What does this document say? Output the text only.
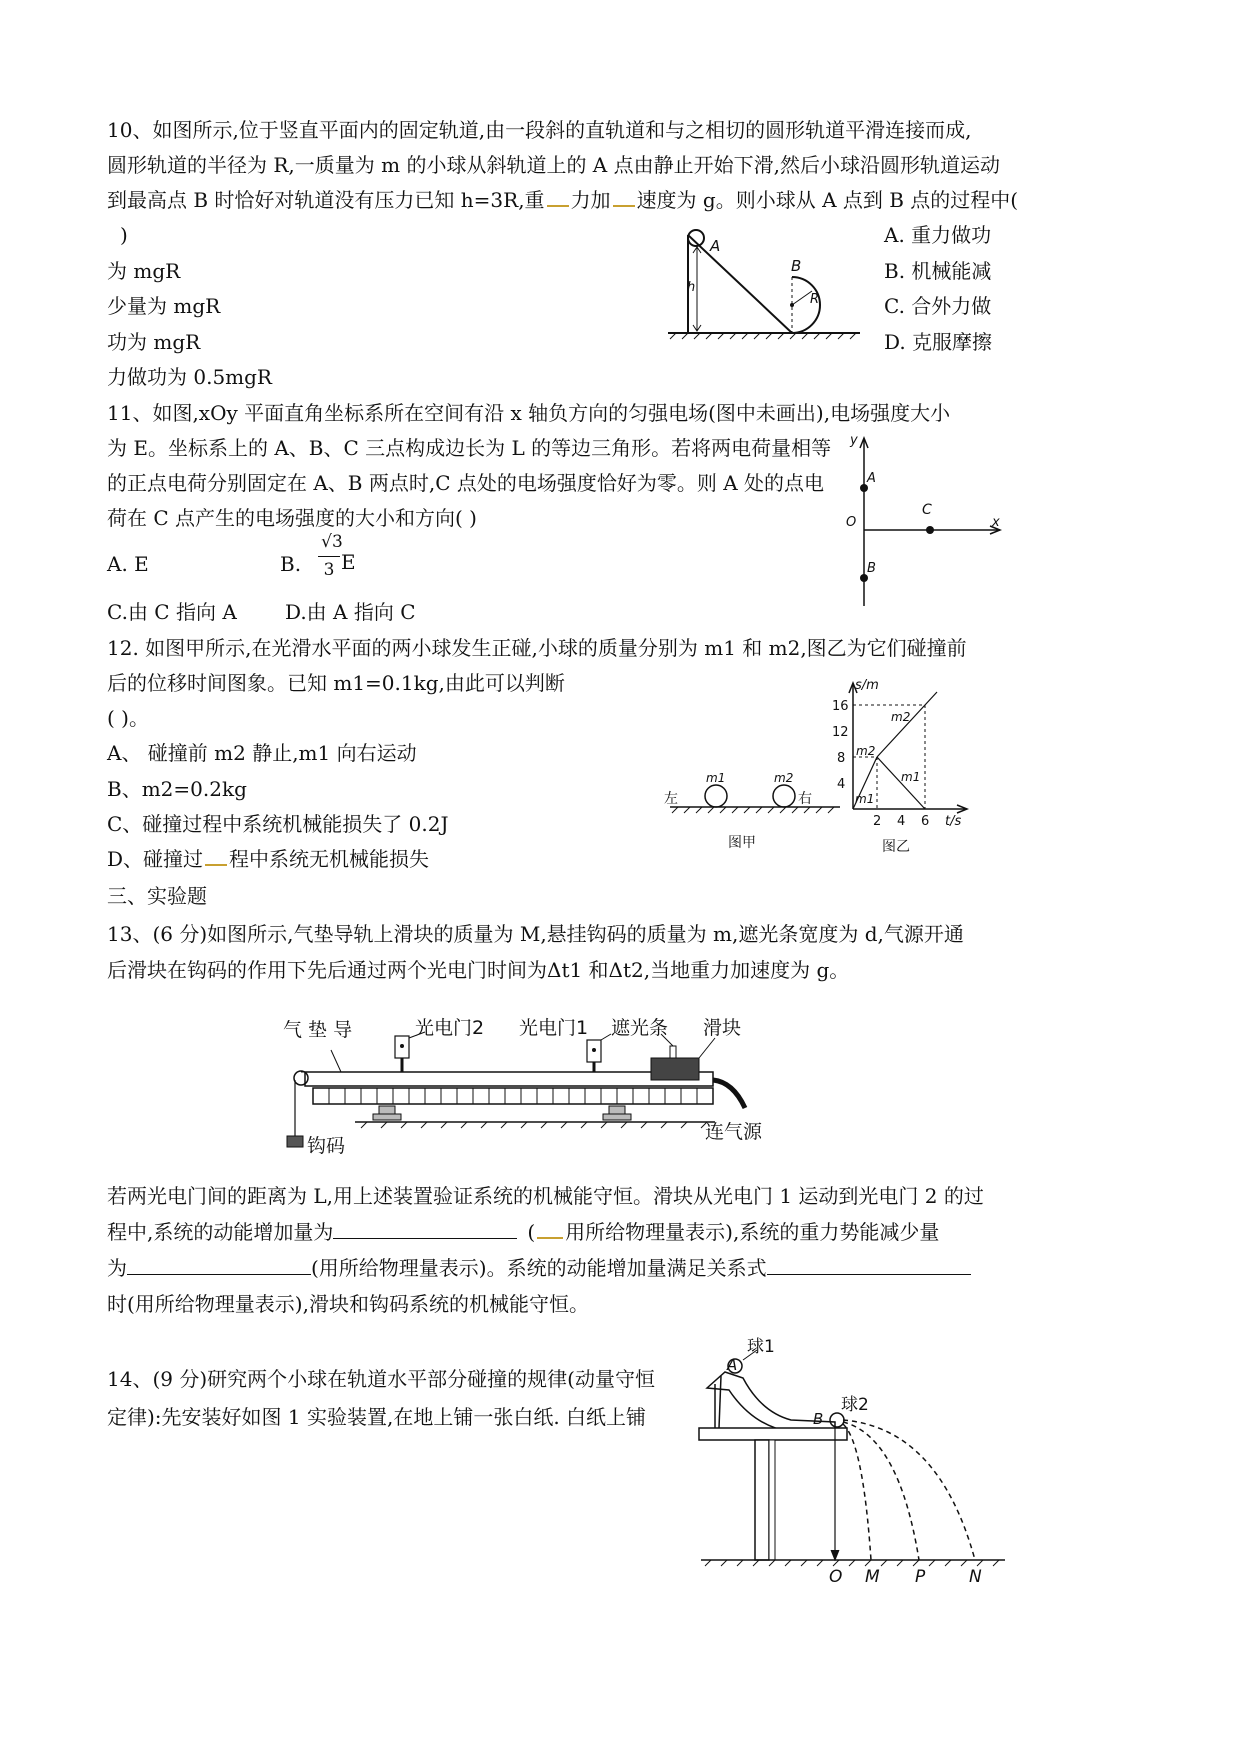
10、如图所示,位于竖直平面内的固定轨道,由一段斜的直轨道和与之相切的圆形轨道平滑连接而成,
圆形轨道的半径为 R,一质量为 m 的小球从斜轨道上的 A 点由静止开始下滑,然后小球沿圆形轨道运动
到最高点 B 时恰好对轨道没有压力已知 h=3R,重 力加 速度为 g。则小球从 A 点到 B 点的过程中(
)	A. 重力做功
B. 机械能减
C. 合外力做
D. 克服摩擦
为 mgR
少量为 mgR
功为 mgR
力做功为 0.5mgR
A
h
B
R
11、如图,xOy 平面直角坐标系所在空间有沿 x 轴负方向的匀强电场(图中未画出),电场强度大小
为 E。坐标系上的 A、B、C 三点构成边长为 L 的等边三角形。若将两电荷量相等
的正点电荷分别固定在 A、B 两点时,C 点处的电场强度恰好为零。则 A 处的点电
荷在 C 点产生的电场强度的大小和方向( )
A. E	B.
√3
3 E
C.由 C 指向 A D.由 A 指向 C
y
A
O
C
B
x
12. 如图甲所示,在光滑水平面的两小球发生正碰,小球的质量分别为 m1 和 m2,图乙为它们碰撞前
后的位移时间图象。已知 m1=0.1kg,由此可以判断
( )。
A、 碰撞前 m2 静止,m1 向右运动
B、m2=0.2kg
C、碰撞过程中系统机械能损失了 0.2J
D、碰撞过 程中系统无机械能损失
左	右
m1	m2
图甲
s/m
t/s
16
12
8
4
2 4 6
m2
m2
m1
m1
图乙
三、实验题
13、(6 分)如图所示,气垫导轨上滑块的质量为 M,悬挂钩码的质量为 m,遮光条宽度为 d,气源开通
后滑块在钩码的作用下先后通过两个光电门时间为Δt1 和Δt2,当地重力加速度为 g。
气 垫 导	光电门2 光电门1 遮光条 滑块
连气源
钩码
若两光电门间的距离为 L,用上述装置验证系统的机械能守恒。滑块从光电门 1 运动到光电门 2 的过
程中,系统的动能增加量为	( 用所给物理量表示),系统的重力势能减少量
为	(用所给物理量表示)。系统的动能增加量满足关系式
时(用所给物理量表示),滑块和钩码系统的机械能守恒。
14、(9 分)研究两个小球在轨道水平部分碰撞的规律(动量守恒
定律):先安装好如图 1 实验装置,在地上铺一张白纸. 白纸上铺
球1
A
球2
B
O M P	N
